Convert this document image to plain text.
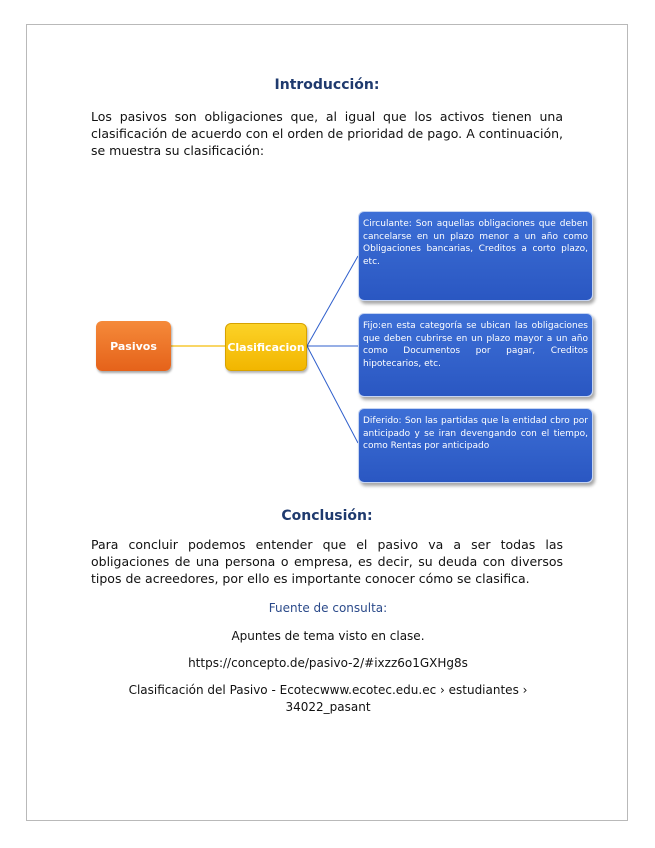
Introducción:
Los pasivos son obligaciones que, al igual que los activos tienen una clasificación de acuerdo con el orden de prioridad de pago. A continuación, se muestra su clasificación:
Pasivos	Clasificacion
Circulante: Son aquellas obligaciones que deben cancelarse en un plazo menor a un año como Obligaciones bancarias, Creditos a corto plazo, etc.
Fijo:en esta categoría se ubican las obligaciones que deben cubrirse en un plazo mayor a un año como Documentos por pagar, Creditos hipotecarios, etc.
Diferido: Son las partidas que la entidad cbro por anticipado y se iran devengando con el tiempo, como Rentas por anticipado
Conclusión:
Para concluir podemos entender que el pasivo va a ser todas las obligaciones de una persona o empresa, es decir, su deuda con diversos tipos de acreedores, por ello es importante conocer cómo se clasifica.
Fuente de consulta:
Apuntes de tema visto en clase.
https://concepto.de/pasivo-2/#ixzz6o1GXHg8s
Clasificación del Pasivo - Ecotecwww.ecotec.edu.ec › estudiantes › 34022_pasant
